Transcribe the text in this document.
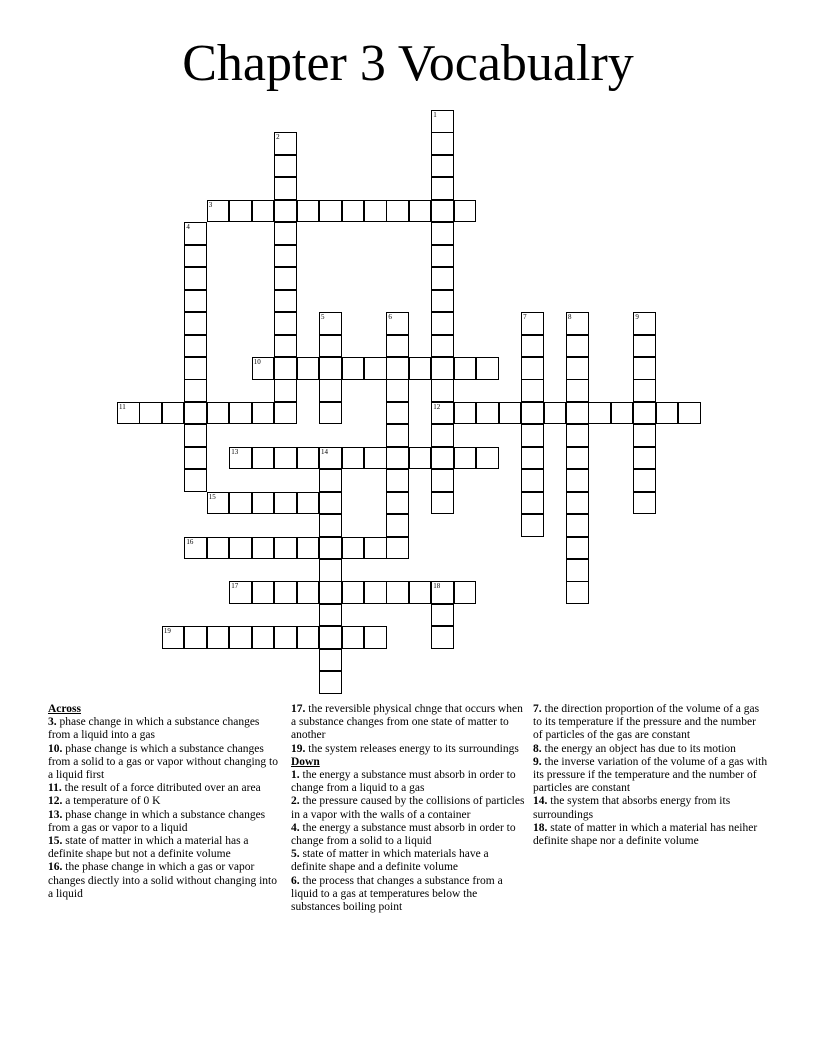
Chapter 3 Vocabualry
1
12
2
3
4
5	6	7	8	9
10
11
13	14
15
16
17	18
19
Across
3. phase change in which a substance changes from a liquid into a gas
10. phase change is which a substance changes from a solid to a gas or vapor without changing to a liquid first
11. the result of a force ditributed over an area
12. a temperature of 0 K
13. phase change in which a substance changes from a gas or vapor to a liquid
15. state of matter in which a material has a definite shape but not a definite volume
16. the phase change in which a gas or vapor changes diectly into a solid without changing into a liquid
17. the reversible physical chnge that occurs when a substance changes from one state of matter to another
19. the system releases energy to its surroundings
Down
1. the energy a substance must absorb in order to change from a liquid to a gas
2. the pressure caused by the collisions of particles in a vapor with the walls of a container
4. the energy a substance must absorb in order to change from a solid to a liquid
5. state of matter in which materials have a definite shape and a definite volume
6. the process that changes a substance from a liquid to a gas at temperatures below the substances boiling point
7. the direction proportion of the volume of a gas to its temperature if the pressure and the number of particles of the gas are constant
8. the energy an object has due to its motion
9. the inverse variation of the volume of a gas with its pressure if the temperature and the number of particles are constant
14. the system that absorbs energy from its surroundings
18. state of matter in which a material has neiher definite shape nor a definite volume
